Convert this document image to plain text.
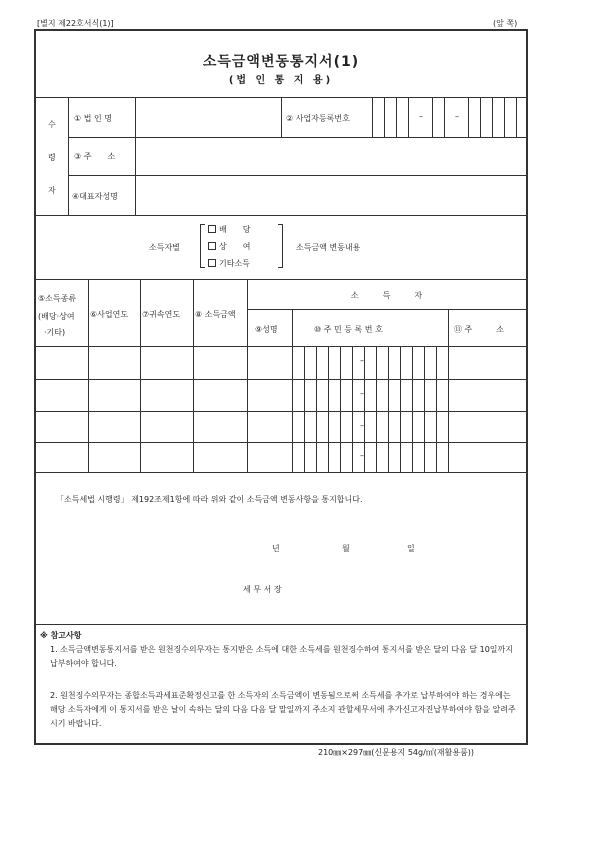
[별지 제22호서식(1)]	(앞 쪽)
소득금액변동통지서(1)
(법 인 통 지 용)
수
령
자
① 법 인 명	② 사업자등록번호	–	–
③ 주　　소
④대표자성명
소득자별
배　　당
상　　여
기타소득
소득금액 변동내용
⑤소득종류
(배당·상여
·기타)
⑥사업연도 ⑦귀속연도 ⑧ 소득금액
소　　　득　　　자
⑨성명	⑩ 주 민 등 록 번 호	⑪ 주　　　소
–
–
–
–
「소득세법 시행령」 제192조제1항에 따라 위와 같이 소득금액 변동사항을 통지합니다.
년	월	일
세 무 서 장
※ 참고사항
1. 소득금액변동통지서를 받은 원천징수의무자는 통지받은 소득에 대한 소득세를 원천징수하여 통지서를 받은 달의 다음 달 10일까지 납부하여야 합니다.
2. 원천징수의무자는 종합소득과세표준확정신고를 한 소득자의 소득금액이 변동됨으로써 소득세를 추가로 납부하여야 하는 경우에는 해당 소득자에게 이 통지서를 받은 날이 속하는 달의 다음 다음 달 말일까지 주소지 관할세무서에 추가신고자진납부하여야 함을 알려주시기 바랍니다.
210㎜×297㎜(신문용지 54g/㎡(재활용품))
